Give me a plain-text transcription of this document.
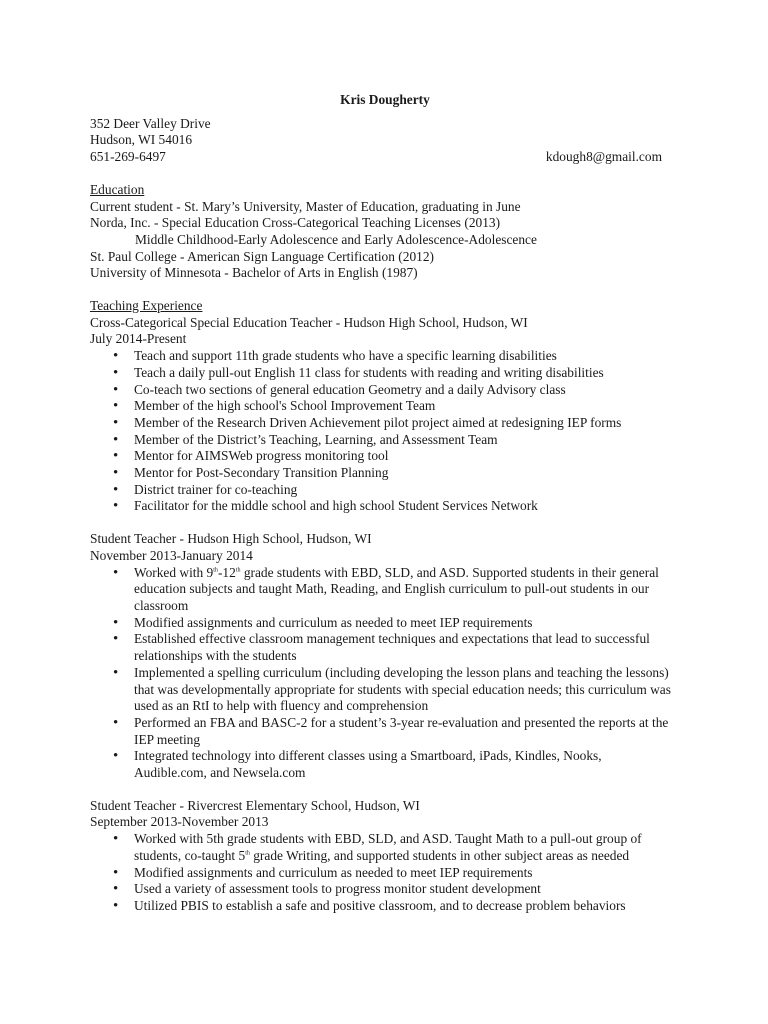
Kris Dougherty
352 Deer Valley Drive
Hudson, WI 54016
651-269-6497	kdough8@gmail.com
Education
Current student - St. Mary’s University, Master of Education, graduating in June
Norda, Inc. - Special Education Cross-Categorical Teaching Licenses (2013)
Middle Childhood-Early Adolescence and Early Adolescence-Adolescence
St. Paul College - American Sign Language Certification (2012)
University of Minnesota - Bachelor of Arts in English (1987)
Teaching Experience
Cross-Categorical Special Education Teacher - Hudson High School, Hudson, WI
July 2014-Present
• Teach and support 11th grade students who have a specific learning disabilities
• Teach a daily pull-out English 11 class for students with reading and writing disabilities
• Co-teach two sections of general education Geometry and a daily Advisory class
• Member of the high school's School Improvement Team
• Member of the Research Driven Achievement pilot project aimed at redesigning IEP forms
• Member of the District’s Teaching, Learning, and Assessment Team
• Mentor for AIMSWeb progress monitoring tool
• Mentor for Post-Secondary Transition Planning
• District trainer for co-teaching
• Facilitator for the middle school and high school Student Services Network
Student Teacher - Hudson High School, Hudson, WI
November 2013-January 2014
• Worked with 9th-12th grade students with EBD, SLD, and ASD. Supported students in their general education subjects and taught Math, Reading, and English curriculum to pull-out students in our classroom
• Modified assignments and curriculum as needed to meet IEP requirements
• Established effective classroom management techniques and expectations that lead to successful relationships with the students
• Implemented a spelling curriculum (including developing the lesson plans and teaching the lessons) that was developmentally appropriate for students with special education needs; this curriculum was used as an RtI to help with fluency and comprehension
• Performed an FBA and BASC-2 for a student’s 3-year re-evaluation and presented the reports at the IEP meeting
• Integrated technology into different classes using a Smartboard, iPads, Kindles, Nooks, Audible.com, and Newsela.com
Student Teacher - Rivercrest Elementary School, Hudson, WI
September 2013-November 2013
• Worked with 5th grade students with EBD, SLD, and ASD. Taught Math to a pull-out group of students, co-taught 5th grade Writing, and supported students in other subject areas as needed
• Modified assignments and curriculum as needed to meet IEP requirements
• Used a variety of assessment tools to progress monitor student development
• Utilized PBIS to establish a safe and positive classroom, and to decrease problem behaviors
